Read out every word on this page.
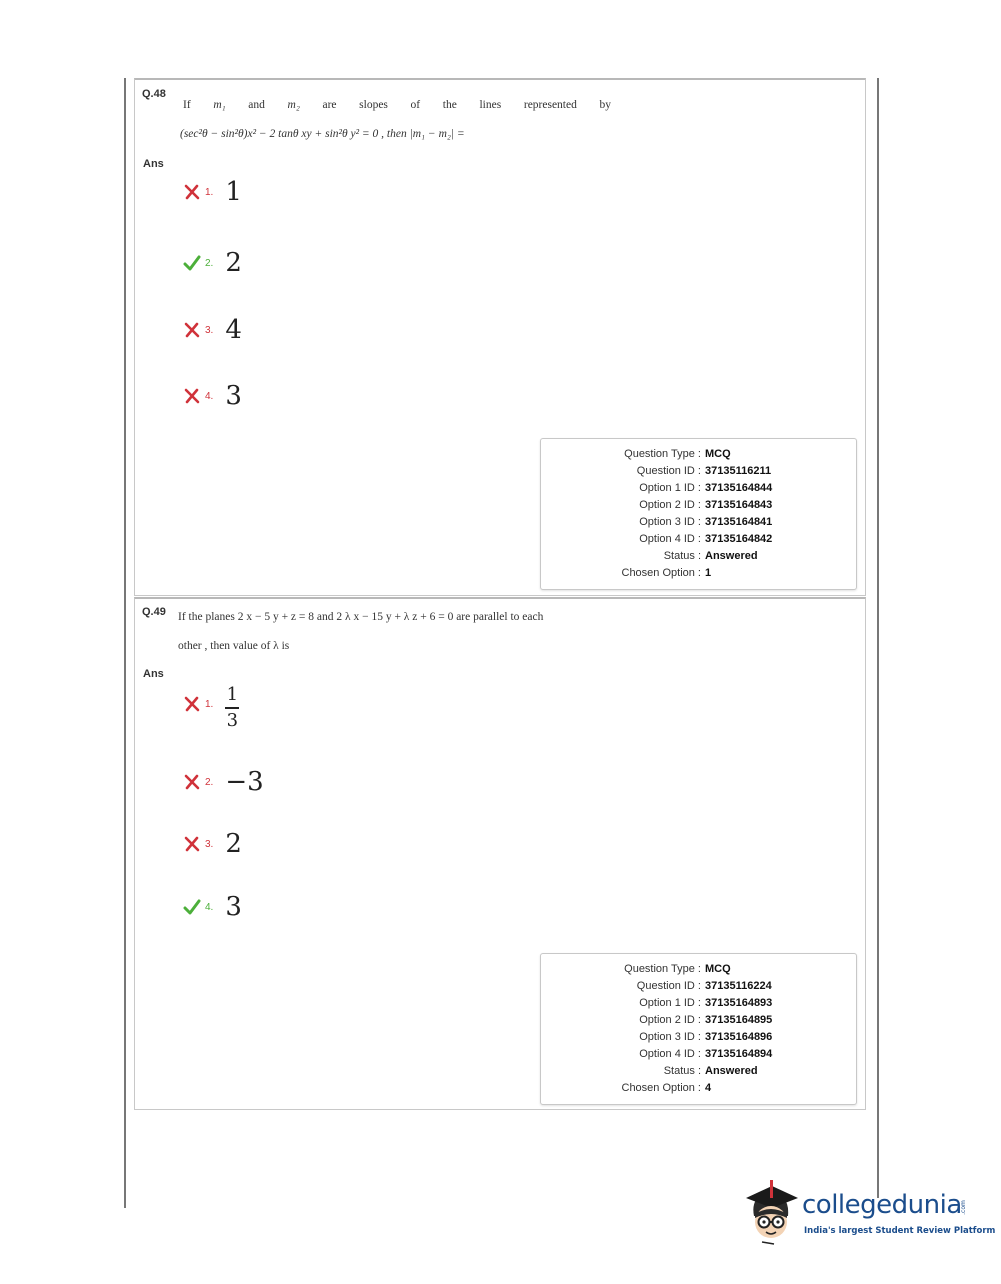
Q.48
If m₁ and m₂ are slopes of the lines represented by
(sec²θ − sin²θ)x² − 2 tanθ xy + sin²θ y² = 0 , then |m₁ − m₂| =
Ans
1. 1
2. 2
3. 4
4. 3
Question Type : MCQ
Question ID : 37135116211
Option 1 ID : 37135164844
Option 2 ID : 37135164843
Option 3 ID : 37135164841
Option 4 ID : 37135164842
Status : Answered
Chosen Option : 1
Q.49 If the planes 2 x − 5 y + z = 8 and 2 λ x − 15 y + λ z + 6 = 0 are parallel to each
other , then value of λ is
Ans
1. $\frac{1}{3}$
2. −3
3. 2
4. 3
Question Type : MCQ
Question ID : 37135116224
Option 1 ID : 37135164893
Option 2 ID : 37135164895
Option 3 ID : 37135164896
Option 4 ID : 37135164894
Status : Answered
Chosen Option : 4
collegedunia
.com
India's largest Student Review Platform
